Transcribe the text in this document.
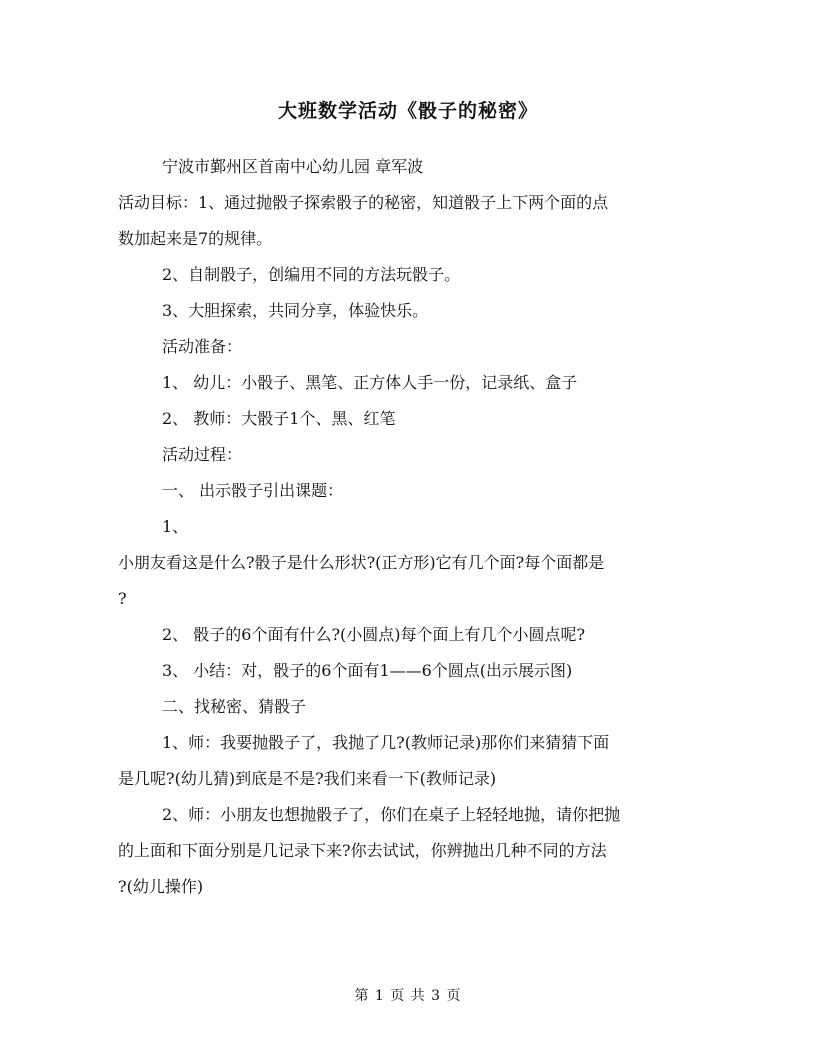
大班数学活动《骰子的秘密》
宁波市鄞州区首南中心幼儿园 章军波
活动目标：1、通过抛骰子探索骰子的秘密，知道骰子上下两个面的点
数加起来是7的规律。
2、自制骰子，创编用不同的方法玩骰子。
3、大胆探索，共同分享，体验快乐。
活动准备：
1、 幼儿：小骰子、黑笔、正方体人手一份，记录纸、盒子
2、 教师：大骰子1个、黑、红笔
活动过程：
一、 出示骰子引出课题：
1、
小朋友看这是什么?骰子是什么形状?(正方形)它有几个面?每个面都是
?
2、 骰子的6个面有什么?(小圆点)每个面上有几个小圆点呢?
3、 小结：对，骰子的6个面有1——6个圆点(出示展示图)
二、找秘密、猜骰子
1、师：我要抛骰子了，我抛了几?(教师记录)那你们来猜猜下面
是几呢?(幼儿猜)到底是不是?我们来看一下(教师记录)
2、师：小朋友也想抛骰子了，你们在桌子上轻轻地抛，请你把抛
的上面和下面分别是几记录下来?你去试试，你辨抛出几种不同的方法
?(幼儿操作)
第 1 页 共 3 页
